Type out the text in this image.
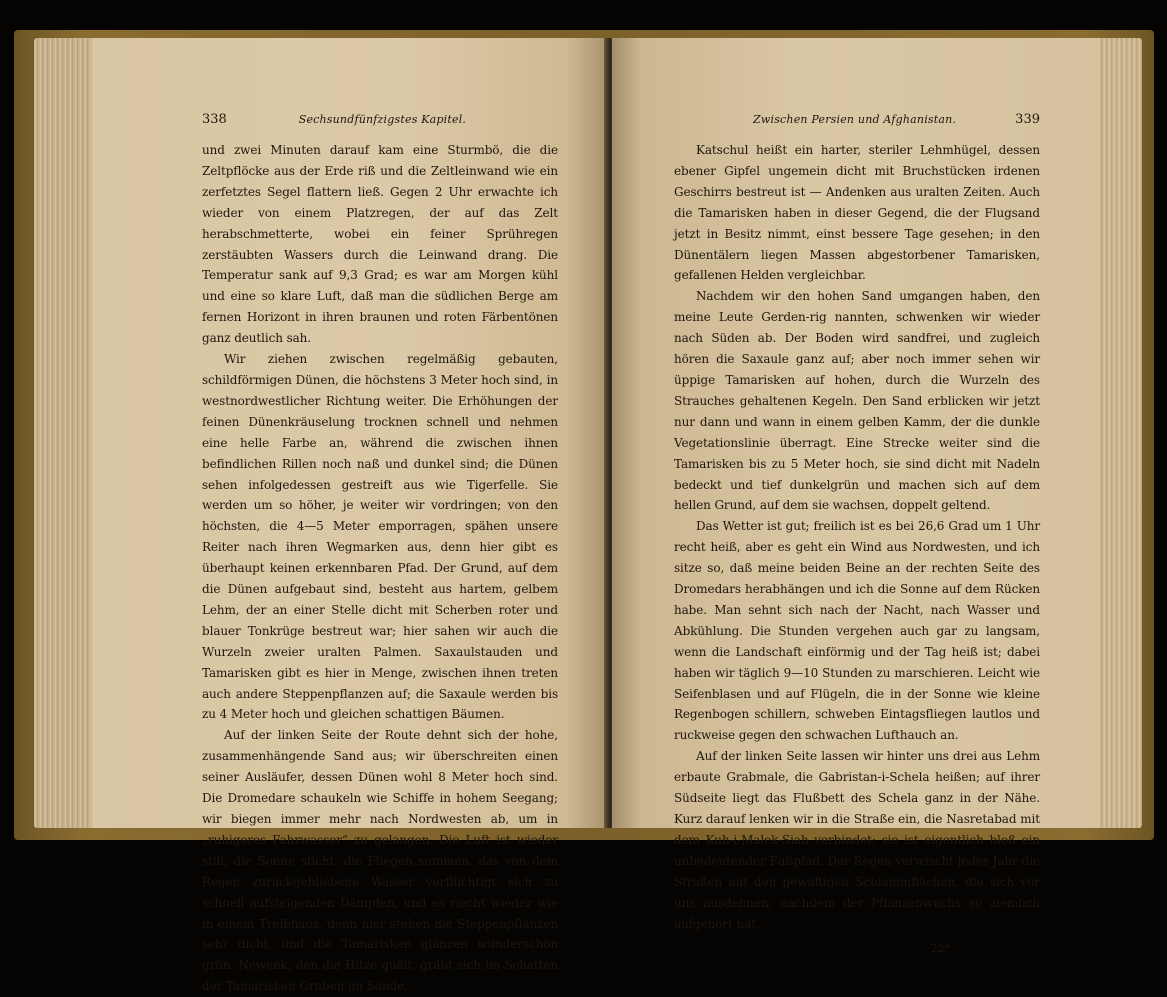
338	Sechsundfünfzigstes Kapitel.

und zwei Minuten darauf kam eine Sturmbö, die die Zeltpflöcke aus der Erde riß und die Zeltleinwand wie ein zerfetztes Segel flattern ließ. Gegen 2 Uhr erwachte ich wieder von einem Platzregen, der auf das Zelt herabschmetterte, wobei ein feiner Sprühregen zerstäubten Wassers durch die Leinwand drang. Die Temperatur sank auf 9,3 Grad; es war am Morgen kühl und eine so klare Luft, daß man die südlichen Berge am fernen Horizont in ihren braunen und roten Färbentönen ganz deutlich sah.

Wir ziehen zwischen regelmäßig gebauten, schildförmigen Dünen, die höchstens 3 Meter hoch sind, in westnordwestlicher Richtung weiter. Die Erhöhungen der feinen Dünenkräuselung trocknen schnell und nehmen eine helle Farbe an, während die zwischen ihnen befindlichen Rillen noch naß und dunkel sind; die Dünen sehen infolgedessen gestreift aus wie Tigerfelle. Sie werden um so höher, je weiter wir vordringen; von den höchsten, die 4—5 Meter emporragen, spähen unsere Reiter nach ihren Wegmarken aus, denn hier gibt es überhaupt keinen erkennbaren Pfad. Der Grund, auf dem die Dünen aufgebaut sind, besteht aus hartem, gelbem Lehm, der an einer Stelle dicht mit Scherben roter und blauer Tonkrüge bestreut war; hier sahen wir auch die Wurzeln zweier uralten Palmen. Saxaulstauden und Tamarisken gibt es hier in Menge, zwischen ihnen treten auch andere Steppenpflanzen auf; die Saxaule werden bis zu 4 Meter hoch und gleichen schattigen Bäumen.

Auf der linken Seite der Route dehnt sich der hohe, zusammenhängende Sand aus; wir überschreiten einen seiner Ausläufer, dessen Dünen wohl 8 Meter hoch sind. Die Dromedare schaukeln wie Schiffe in hohem Seegang; wir biegen immer mehr nach Nordwesten ab, um in „ruhigeres Fahrwasser“ zu gelangen. Die Luft ist wieder still, die Sonne sticht, die Fliegen summen, das von dem Regen zurückgebliebene Wasser verflüchtigt sich zu schnell aufsteigenden Dämpfen, und es riecht wieder wie in einem Treibhaus, denn hier stehen die Steppenpflanzen sehr dicht, und die Tamarisken glänzen wunderschön grün. Newenk, den die Hitze quält, gräbt sich im Schatten der Tamarisken Gruben im Sande.

Zwischen Persien und Afghanistan.	339

Katschul heißt ein harter, steriler Lehmhügel, dessen ebener Gipfel ungemein dicht mit Bruchstücken irdenen Geschirrs bestreut ist — Andenken aus uralten Zeiten. Auch die Tamarisken haben in dieser Gegend, die der Flugsand jetzt in Besitz nimmt, einst bessere Tage gesehen; in den Dünentälern liegen Massen abgestorbener Tamarisken, gefallenen Helden vergleichbar.

Nachdem wir den hohen Sand umgangen haben, den meine Leute Gerden-rig nannten, schwenken wir wieder nach Süden ab. Der Boden wird sandfrei, und zugleich hören die Saxaule ganz auf; aber noch immer sehen wir üppige Tamarisken auf hohen, durch die Wurzeln des Strauches gehaltenen Kegeln. Den Sand erblicken wir jetzt nur dann und wann in einem gelben Kamm, der die dunkle Vegetationslinie überragt. Eine Strecke weiter sind die Tamarisken bis zu 5 Meter hoch, sie sind dicht mit Nadeln bedeckt und tief dunkelgrün und machen sich auf dem hellen Grund, auf dem sie wachsen, doppelt geltend.

Das Wetter ist gut; freilich ist es bei 26,6 Grad um 1 Uhr recht heiß, aber es geht ein Wind aus Nordwesten, und ich sitze so, daß meine beiden Beine an der rechten Seite des Dromedars herabhängen und ich die Sonne auf dem Rücken habe. Man sehnt sich nach der Nacht, nach Wasser und Abkühlung. Die Stunden vergehen auch gar zu langsam, wenn die Landschaft einförmig und der Tag heiß ist; dabei haben wir täglich 9—10 Stunden zu marschieren. Leicht wie Seifenblasen und auf Flügeln, die in der Sonne wie kleine Regenbogen schillern, schweben Eintagsfliegen lautlos und ruckweise gegen den schwachen Lufthauch an.

Auf der linken Seite lassen wir hinter uns drei aus Lehm erbaute Grabmale, die Gabristan-i-Schela heißen; auf ihrer Südseite liegt das Flußbett des Schela ganz in der Nähe. Kurz darauf lenken wir in die Straße ein, die Nasretabad mit dem Kuh-i-Malek-Siah verbindet; sie ist eigentlich bloß ein unbedeutender Fußpfad. Der Regen verwischt jedes Jahr die Straßen auf den gewaltigen Schlammflächen, die sich vor uns ausdehnen, nachdem der Pflanzenwuchs so ziemlich aufgehört hat.

22*
